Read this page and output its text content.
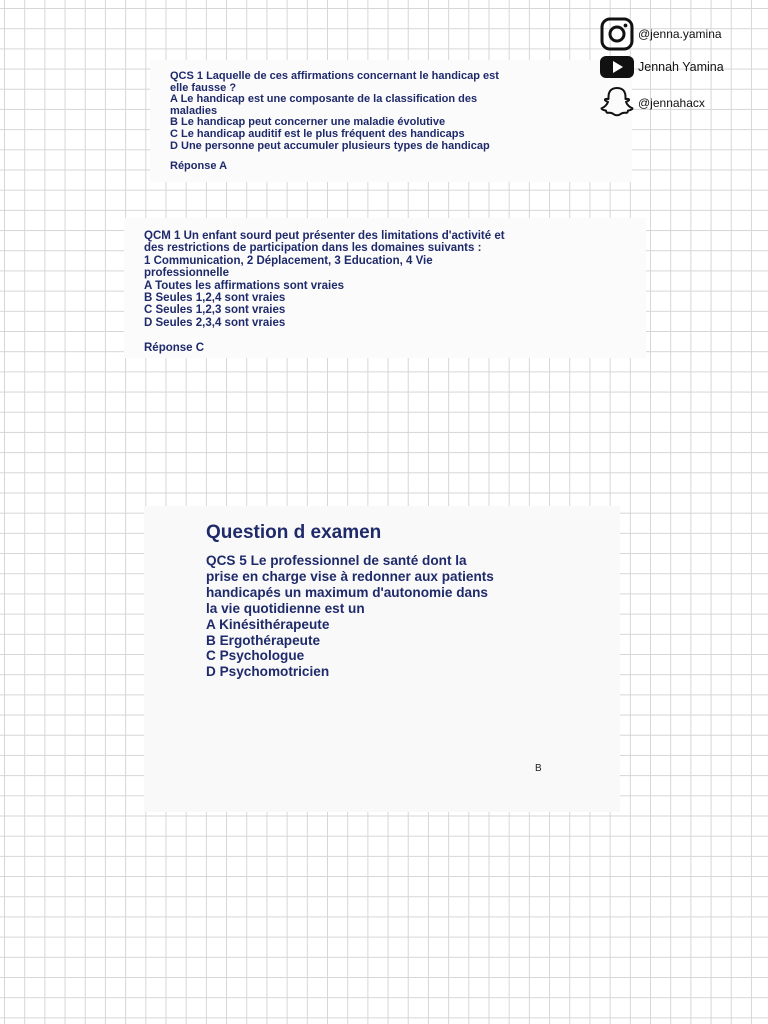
QCS 1 Laquelle de ces affirmations concernant le handicap est

elle fausse ?

A Le handicap est une composante de la classification des

maladies

B Le handicap peut concerner une maladie évolutive

C Le handicap auditif est le plus fréquent des handicaps

D Une personne peut accumuler plusieurs types de handicap

Réponse A

QCM 1 Un enfant sourd peut présenter des limitations d'activité et

des restrictions de participation dans les domaines suivants :

1 Communication, 2 Déplacement, 3 Education, 4 Vie

professionnelle

A Toutes les affirmations sont vraies

B Seules 1,2,4 sont vraies

C Seules 1,2,3 sont vraies

D Seules 2,3,4 sont vraies

Réponse C

Question d examen

QCS 5 Le professionnel de santé dont la

prise en charge vise à redonner aux patients

handicapés un maximum d'autonomie dans

la vie quotidienne est un

A Kinésithérapeute

B Ergothérapeute

C Psychologue

D Psychomotricien

B
@jenna.yamina
Jennah Yamina
@jennahacx
